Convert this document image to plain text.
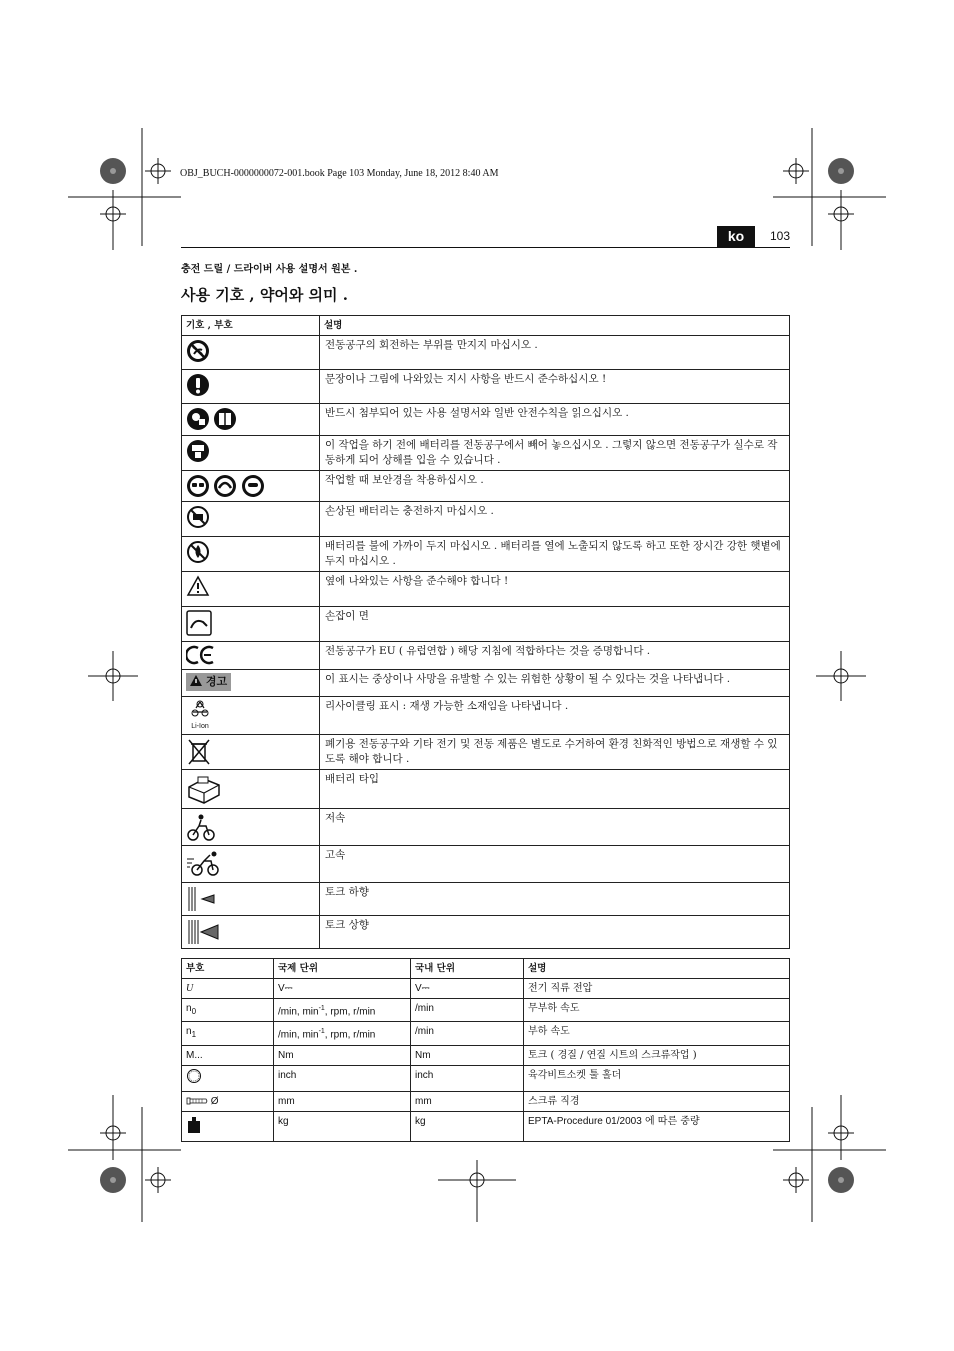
OBJ_BUCH-0000000072-001.book Page 103 Monday, June 18, 2012 8:40 AM
ko	103
충전 드릴 / 드라이버 사용 설명서 원본 .
사용 기호 , 약어와 의미 .
기호 , 부호	설명
	전동공구의 회전하는 부위를 만지지 마십시오 .
	문장이나 그림에 나와있는 지시 사항을 반드시 준수하십시오 !
	반드시 첨부되어 있는 사용 설명서와 일반 안전수칙을 읽으십시오 .
	이 작업을 하기 전에 배터리를 전동공구에서 빼어 놓으십시오 . 그렇지 않으면 전동공구가 실수로 작동하게 되어 상해를 입을 수 있습니다 .
	작업할 때 보안경을 착용하십시오 .
	손상된 배터리는 충전하지 마십시오 .
	배터리를 불에 가까이 두지 마십시오 . 배터리를 열에 노출되지 않도록 하고 또한 장시간 강한 햇볕에 두지 마십시오 .
	옆에 나와있는 사항을 준수해야 합니다 !
	손잡이 면
	전동공구가 EU ( 유럽연합 ) 해당 지침에 적합하다는 것을 증명합니다 .
경고	이 표시는 중상이나 사망을 유발할 수 있는 위험한 상황이 될 수 있다는 것을 나타냅니다 .

Li-Ion	리사이클링 표시 : 재생 가능한 소재임을 나타냅니다 .
	폐기용 전동공구와 기타 전기 및 전동 제품은 별도로 수거하여 환경 친화적인 방법으로 재생할 수 있도록 해야 합니다 .
	배터리 타입
	저속
	고속
	토크 하향
	토크 상향
부호	국제 단위	국내 단위	설명
U	V⎓	V⎓	전기 직류 전압
$n_0$	/min, $\min^{-1}$, rpm, r/min	/min	무부하 속도
$n_1$	/min, $\min^{-1}$, rpm, r/min	/min	부하 속도
M...	Nm	Nm	토크 ( 경질 / 연질 시트의 스크류작업 )
	inch	inch	육각비트소켓 툴 홀더
Ø	mm	mm	스크류 직경
	kg	kg	EPTA-Procedure 01/2003 에 따른 중량
